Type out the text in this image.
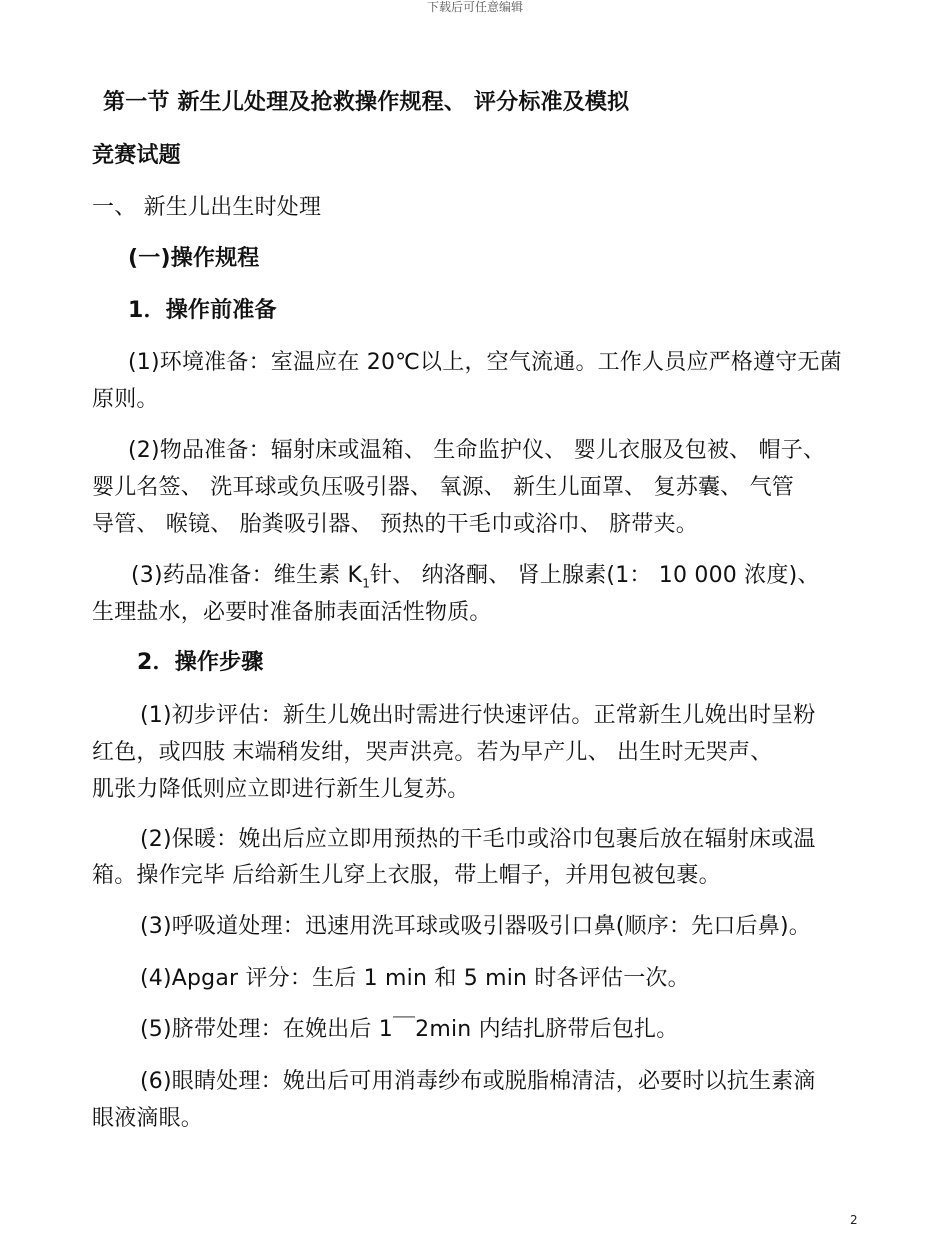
下载后可任意编辑
第一节 新生儿处理及抢救操作规程、 评分标准及模拟
竞赛试题
一、 新生儿出生时处理
(一)操作规程
1．操作前准备
(1)环境准备：室温应在 20℃以上，空气流通。工作人员应严格遵守无菌
原则。
(2)物品准备：辐射床或温箱、 生命监护仪、 婴儿衣服及包被、 帽子、
婴儿名签、 洗耳球或负压吸引器、 氧源、 新生儿面罩、 复苏囊、 气管
导管、 喉镜、 胎粪吸引器、 预热的干毛巾或浴巾、 脐带夹。
(3)药品准备：维生素 $K_1$针、 纳洛酮、 肾上腺素(1： 10 000 浓度)、
生理盐水，必要时准备肺表面活性物质。
2．操作步骤
(1)初步评估：新生儿娩出时需进行快速评估。正常新生儿娩出时呈粉
红色，或四肢 末端稍发绀，哭声洪亮。若为早产儿、 出生时无哭声、
肌张力降低则应立即进行新生儿复苏。
(2)保暖：娩出后应立即用预热的干毛巾或浴巾包裹后放在辐射床或温
箱。操作完毕 后给新生儿穿上衣服，带上帽子，并用包被包裹。
(3)呼吸道处理：迅速用洗耳球或吸引器吸引口鼻(顺序：先口后鼻)。
(4)Apgar 评分：生后 1 min 和 5 min 时各评估一次。
(5)脐带处理：在娩出后 1￣2min 内结扎脐带后包扎。
(6)眼睛处理：娩出后可用消毒纱布或脱脂棉清洁，必要时以抗生素滴
眼液滴眼。
2
